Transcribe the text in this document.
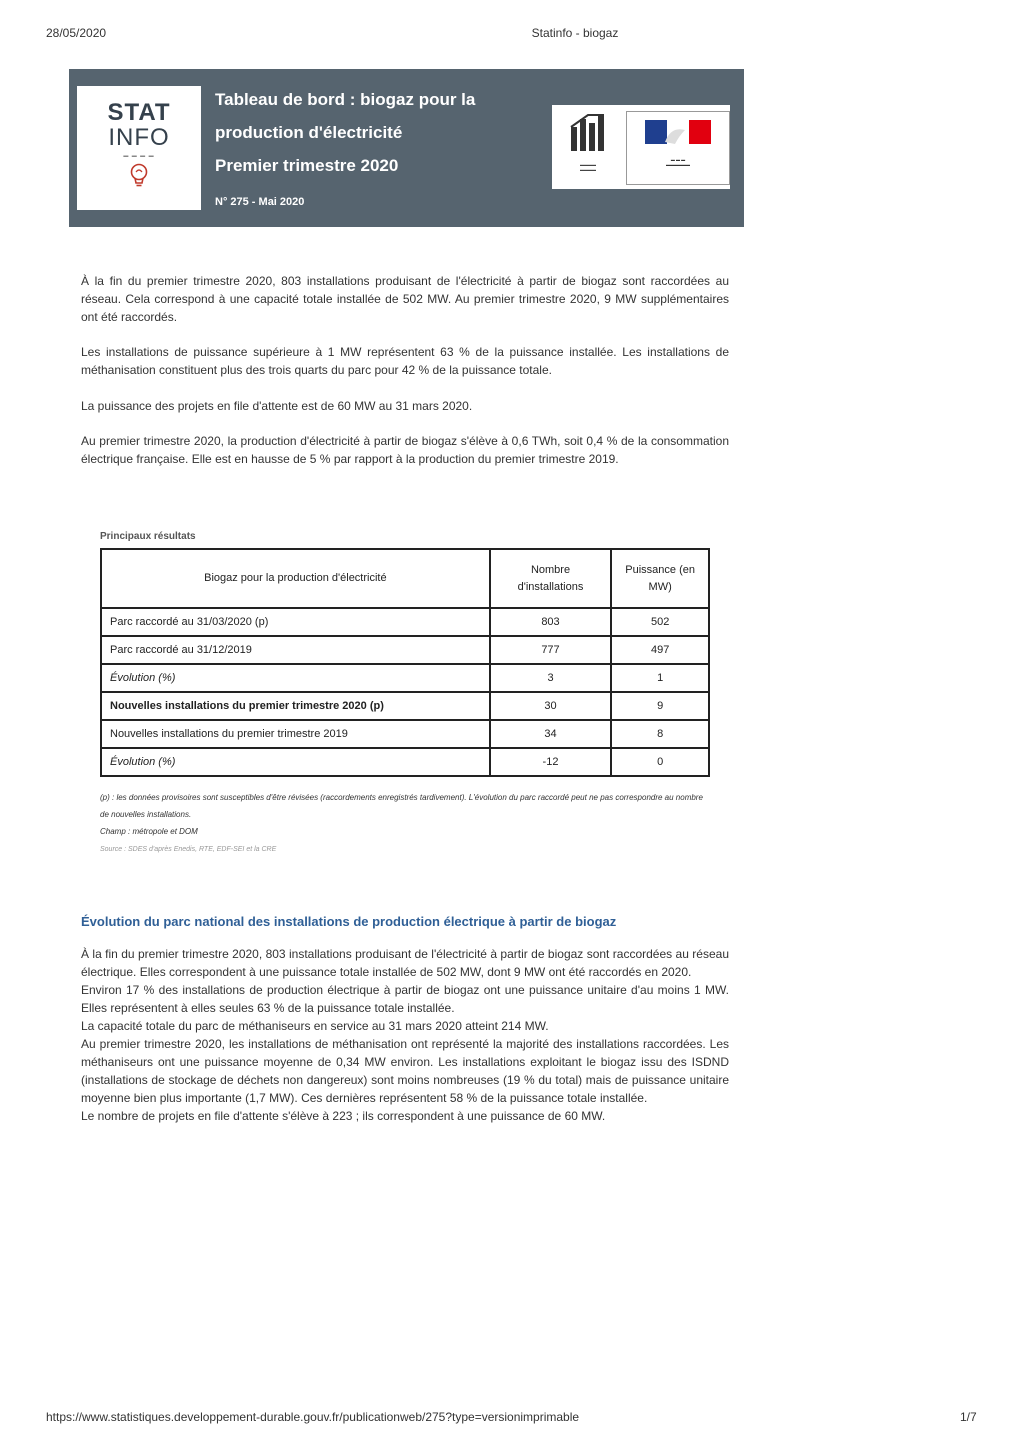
28/05/2020	Statinfo - biogaz
STAT
INFO
▬ ▬ ▬ ▬
Tableau de bord : biogaz pour la
production d'électricité
Premier trimestre 2020
N° 275 - Mai 2020
▬▬▬▬
▬▬▬▬
▬ ▬ ▬
▬▬▬▬▬▬
À la fin du premier trimestre 2020, 803 installations produisant de l'électricité à partir de biogaz sont raccordées au réseau. Cela correspond à une capacité totale installée de 502 MW. Au premier trimestre 2020, 9 MW supplémentaires ont été raccordés.
Les installations de puissance supérieure à 1 MW représentent 63 % de la puissance installée. Les installations de méthanisation constituent plus des trois quarts du parc pour 42 % de la puissance totale.
La puissance des projets en file d'attente est de 60 MW au 31 mars 2020.
Au premier trimestre 2020, la production d'électricité à partir de biogaz s'élève à 0,6 TWh, soit 0,4 % de la consommation électrique française. Elle est en hausse de 5 % par rapport à la production du premier trimestre 2019.
Principaux résultats
Biogaz pour la production d'électricité	Nombre d'installations	Puissance (en MW)
Parc raccordé au 31/03/2020 (p)	803	502
Parc raccordé au 31/12/2019	777	497
Évolution (%)	3	1
Nouvelles installations du premier trimestre 2020 (p)	30	9
Nouvelles installations du premier trimestre 2019	34	8
Évolution (%)	-12	0
(p) : les données provisoires sont susceptibles d'être révisées (raccordements enregistrés tardivement). L'évolution du parc raccordé peut ne pas correspondre au nombre de nouvelles installations.
Champ : métropole et DOM
Source : SDES d'après Enedis, RTE, EDF-SEI et la CRE
Évolution du parc national des installations de production électrique à partir de biogaz

À la fin du premier trimestre 2020, 803 installations produisant de l'électricité à partir de biogaz sont raccordées au réseau électrique. Elles correspondent à une puissance totale installée de 502 MW, dont 9 MW ont été raccordés en 2020.

Environ 17 % des installations de production électrique à partir de biogaz ont une puissance unitaire d'au moins 1 MW. Elles représentent à elles seules 63 % de la puissance totale installée.

La capacité totale du parc de méthaniseurs en service au 31 mars 2020 atteint 214 MW.

Au premier trimestre 2020, les installations de méthanisation ont représenté la majorité des installations raccordées. Les méthaniseurs ont une puissance moyenne de 0,34 MW environ. Les installations exploitant le biogaz issu des ISDND (installations de stockage de déchets non dangereux) sont moins nombreuses (19 % du total) mais de puissance unitaire moyenne bien plus importante (1,7 MW). Ces dernières représentent 58 % de la puissance totale installée.

Le nombre de projets en file d'attente s'élève à 223 ; ils correspondent à une puissance de 60 MW.

https://www.statistiques.developpement-durable.gouv.fr/publicationweb/275?type=versionimprimable	1/7
